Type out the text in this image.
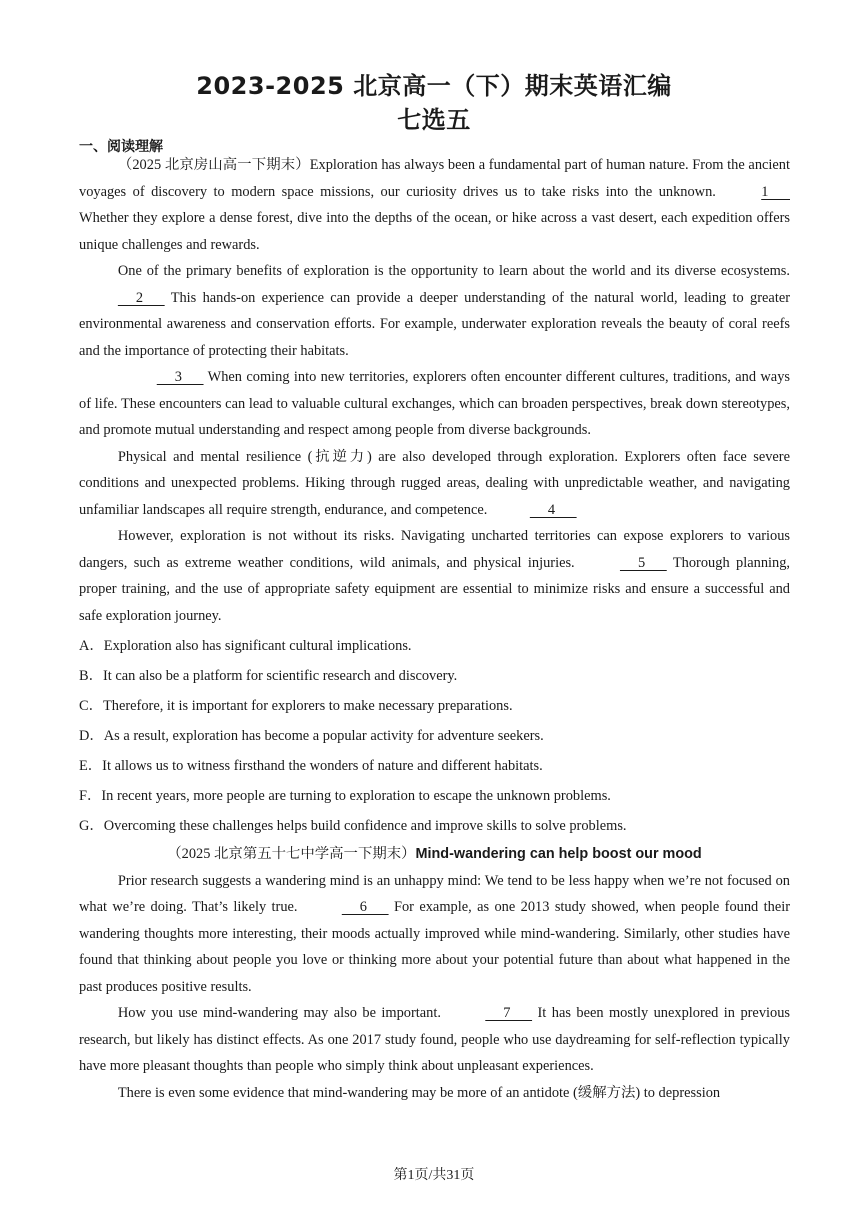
2023-2025 北京高一（下）期末英语汇编
七选五
一、阅读理解

（2025 北京房山高一下期末）Exploration has always been a fundamental part of human nature. From the ancient voyages of discovery to modern space missions, our curiosity drives us to take risks into the unknown.	1       Whether they explore a dense forest, dive into the depths of the ocean, or hike across a vast desert, each expedition offers unique challenges and rewards.

One of the primary benefits of exploration is the opportunity to learn about the world and its diverse ecosystems.      2       This hands-on experience can provide a deeper understanding of the natural world, leading to greater environmental awareness and conservation efforts. For example, underwater exploration reveals the beauty of coral reefs and the importance of protecting their habitats.

3       When coming into new territories, explorers often encounter different cultures, traditions, and ways of life. These encounters can lead to valuable cultural exchanges, which can broaden perspectives, break down stereotypes, and promote mutual understanding and respect among people from diverse backgrounds.

Physical and mental resilience (抗逆力) are also developed through exploration. Explorers often face severe conditions and unexpected problems. Hiking through rugged areas, dealing with unpredictable weather, and navigating unfamiliar landscapes all require strength, endurance, and competence.	4

However, exploration is not without its risks. Navigating uncharted territories can expose explorers to various dangers, such as extreme weather conditions, wild animals, and physical injuries.	5       Thorough planning, proper training, and the use of appropriate safety equipment are essential to minimize risks and ensure a successful and safe exploration journey.

A．Exploration also has significant cultural implications.
B．It can also be a platform for scientific research and discovery.
C．Therefore, it is important for explorers to make necessary preparations.
D．As a result, exploration has become a popular activity for adventure seekers.
E．It allows us to witness firsthand the wonders of nature and different habitats.
F．In recent years, more people are turning to exploration to escape the unknown problems.
G．Overcoming these challenges helps build confidence and improve skills to solve problems.

（2025 北京第五十七中学高一下期末）Mind-wandering can help boost our mood

Prior research suggests a wandering mind is an unhappy mind: We tend to be less happy when we’re not focused on what we’re doing. That’s likely true.	6       For example, as one 2013 study showed, when people found their wandering thoughts more interesting, their moods actually improved while mind-wandering. Similarly, other studies have found that thinking about people you love or thinking more about your potential future than about what happened in the past produces positive results.

How you use mind-wandering may also be important.	7       It has been mostly unexplored in previous research, but likely has distinct effects. As one 2017 study found, people who use daydreaming for self-reflection typically have more pleasant thoughts than people who simply think about unpleasant experiences.

There is even some evidence that mind-wandering may be more of an antidote (缓解方法) to depression

第1页/共31页
